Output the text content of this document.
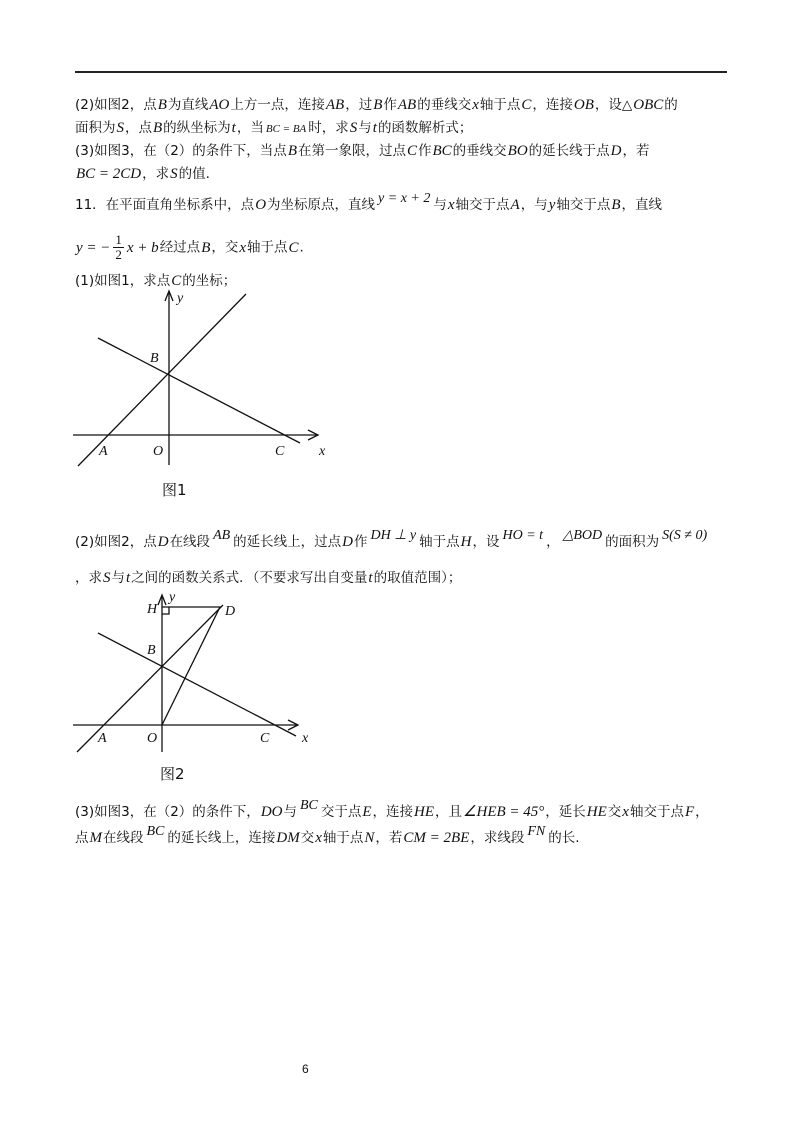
(2)如图2，点B为直线AO上方一点，连接AB，过B作AB的垂线交x轴于点C，连接OB，设△OBC的
面积为S，点B的纵坐标为t，当 BC = BA 时，求S与t的函数解析式；
(3)如图3，在（2）的条件下，当点B在第一象限，过点C作BC的垂线交BO的延长线于点D，若
BC = 2CD，求S的值.
11．在平面直角坐标系中，点O为坐标原点，直线 y = x + 2 与x轴交于点A，与y轴交于点B，直线
y = − $\frac{1}{2}$ x + b经过点B，交x轴于点C.
(1)如图1，求点C的坐标；
y
B
A	O	C x
图1
(2)如图2，点D在线段 AB 的延长线上，过点D作 DH ⊥ y 轴于点H，设 HO = t ， △BOD 的面积为 S(S ≠ 0)
，求S与t之间的函数关系式．（不要求写出自变量t的取值范围）；
y
H	D
B
A	O	C x
图2
(3)如图3，在（2）的条件下，DO与 BC 交于点E，连接HE，且∠HEB = 45°，延长HE交x轴交于点F，
点M在线段 BC 的延长线上，连接DM交x轴于点N，若CM = 2BE，求线段 FN 的长.
6
